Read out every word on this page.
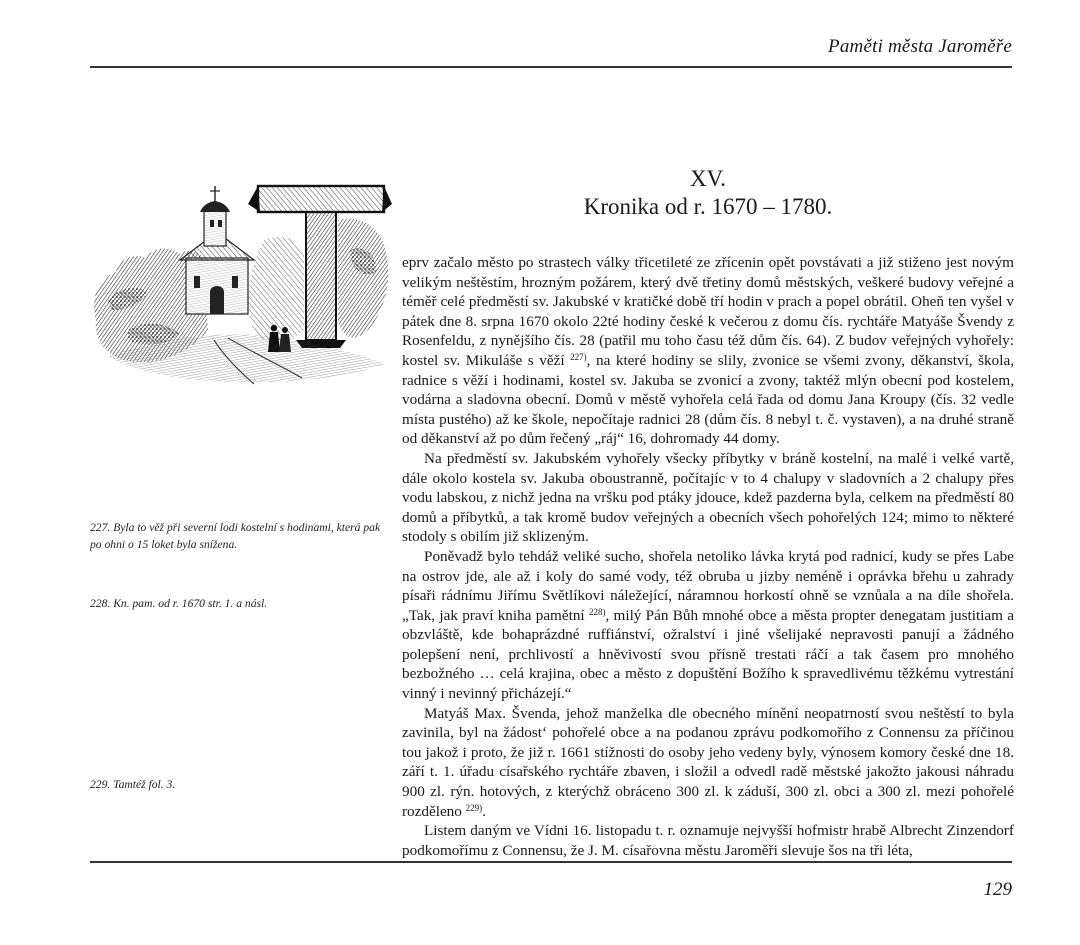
Paměti města Jaroměře
XV.
Kronika od r. 1670 – 1780.
T
227. Byla to věž při severní lodi kostelní s hodinami, která pak po ohni o 15 loket byla snížena.
228. Kn. pam. od r. 1670 str. 1. a násl.
229. Tamtéž fol. 3.

eprv začalo město po strastech války třicetileté ze zřícenin opět povstávati a již stiženo jest novým velikým neštěstím, hrozným požárem, který dvě třetiny domů městských, veškeré budovy veřejné a téměř celé předměstí sv. Jakubské v kratičké době tří hodin v prach a popel obrátil. Oheň ten vyšel v pátek dne 8. srpna 1670 okolo 22té hodiny české k večerou z domu čís. rychtáře Matyáše Švendy z Rosenfeldu, z nynějšího čís. 28 (patřil mu toho času též dům čís. 64). Z budov veřejných vyhořely: kostel sv. Mikuláše s věží $^{227)}$, na které hodiny se slily, zvonice se všemi zvony, děkanství, škola, radnice s věží i hodinami, kostel sv. Jakuba se zvonicí a zvony, taktéž mlýn obecní pod kostelem, vodárna a sladovna obecní. Domů v městě vyhořela celá řada od domu Jana Kroupy (čís. 32 vedle místa pustého) až ke škole, nepočítaje radnici 28 (dům čís. 8 nebyl t. č. vystaven), a na druhé straně od děkanství až po dům řečený „ráj“ 16, dohromady 44 domy.

Na předměstí sv. Jakubském vyhořely všecky příbytky v bráně kostelní, na malé i velké vartě, dále okolo kostela sv. Jakuba oboustranně, počítajíc v to 4 chalupy v sladovních a 2 chalupy přes vodu labskou, z nichž jedna na vršku pod ptáky jdouce, kdež pazderna byla, celkem na předměstí 80 domů a příbytků, a tak kromě budov veřejných a obecních všech pohořelých 124; mimo to některé stodoly s obilím již sklizeným.

Poněvadž bylo tehdáž veliké sucho, shořela netoliko lávka krytá pod radnicí, kudy se přes Labe na ostrov jde, ale až i koly do samé vody, též obruba u jizby neméně i oprávka břehu u zahrady písaři rádnímu Jiřímu Světlíkovi náležející, náramnou horkostí ohně se vznůala a na díle shořela. „Tak, jak praví kniha pamětní $^{228)}$, milý Pán Bůh mnohé obce a města propter denegatam justitiam a obzvláště, kde bohaprázdné ruffiánství, ožralství i jiné všelijaké nepravosti panují a žádného polepšení není, prchlivostí a hněvivostí svou přísně trestati ráčí a tak časem pro mnohého bezbožného … celá krajina, obec a město z dopuštění Božího k spravedlivému těžkému vytrestání vinný i nevinný přicházejí.“

Matyáš Max. Švenda, jehož manželka dle obecného mínění neopatrností svou neštěstí to byla zavinila, byl na žádost‘ pohořelé obce a na podanou zprávu podkomořího z Connensu za příčinou tou jakož i proto, že již r. 1661 stížnosti do osoby jeho vedeny byly, výnosem komory české dne 18. září t. 1. úřadu císařského rychtáře zbaven, i složil a odvedl radě městské jakožto jakousi náhradu 900 zl. rýn. hotových, z kterýchž obráceno 300 zl. k záduší, 300 zl. obci a 300 zl. mezi pohořelé rozděleno $^{229)}$.

Listem daným ve Vídni 16. listopadu t. r. oznamuje nejvyšší hofmistr hrabě Albrecht Zinzendorf podkomořímu z Connensu, že J. M. císařovna městu Jaroměři slevuje šos na tři léta,

129
